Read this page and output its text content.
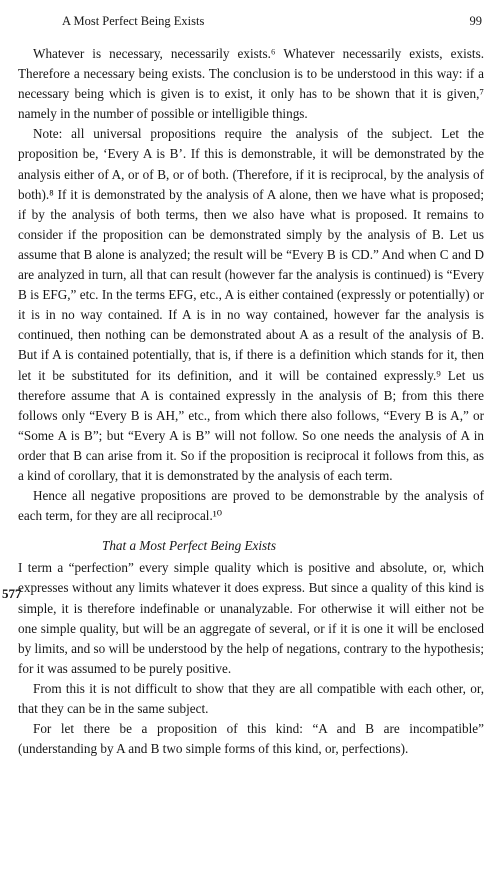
A Most Perfect Being Exists	99
577

Whatever is necessary, necessarily exists.⁶ Whatever necessarily exists, exists. Therefore a necessary being exists. The conclusion is to be understood in this way: if a necessary being which is given is to exist, it only has to be shown that it is given,⁷ namely in the number of possible or intelligible things.

Note: all universal propositions require the analysis of the subject. Let the proposition be, ‘Every A is B’. If this is demonstrable, it will be demonstrated by the analysis either of A, or of B, or of both. (Therefore, if it is reciprocal, by the analysis of both).⁸ If it is demonstrated by the analysis of A alone, then we have what is proposed; if by the analysis of both terms, then we also have what is proposed. It remains to consider if the proposition can be demonstrated simply by the analysis of B. Let us assume that B alone is analyzed; the result will be “Every B is CD.” And when C and D are analyzed in turn, all that can result (however far the analysis is continued) is “Every B is EFG,” etc. In the terms EFG, etc., A is either contained (expressly or potentially) or it is in no way contained. If A is in no way contained, however far the analysis is continued, then nothing can be demonstrated about A as a result of the analysis of B. But if A is contained potentially, that is, if there is a definition which stands for it, then let it be substituted for its definition, and it will be contained expressly.⁹ Let us therefore assume that A is contained expressly in the analysis of B; from this there follows only “Every B is AH,” etc., from which there also follows, “Every B is A,” or “Some A is B”; but “Every A is B” will not follow. So one needs the analysis of A in order that B can arise from it. So if the proposition is reciprocal it follows from this, as a kind of corollary, that it is demonstrated by the analysis of each term.

Hence all negative propositions are proved to be demonstrable by the analysis of each term, for they are all reciprocal.¹⁰

That a Most Perfect Being Exists

I term a “perfection” every simple quality which is positive and absolute, or, which expresses without any limits whatever it does express. But since a quality of this kind is simple, it is therefore indefinable or unanalyzable. For otherwise it will either not be one simple quality, but will be an aggregate of several, or if it is one it will be enclosed by limits, and so will be understood by the help of negations, contrary to the hypothesis; for it was assumed to be purely positive.

From this it is not difficult to show that they are all compatible with each other, or, that they can be in the same subject.

For let there be a proposition of this kind: “A and B are incompatible” (understanding by A and B two simple forms of this kind, or, perfections).
